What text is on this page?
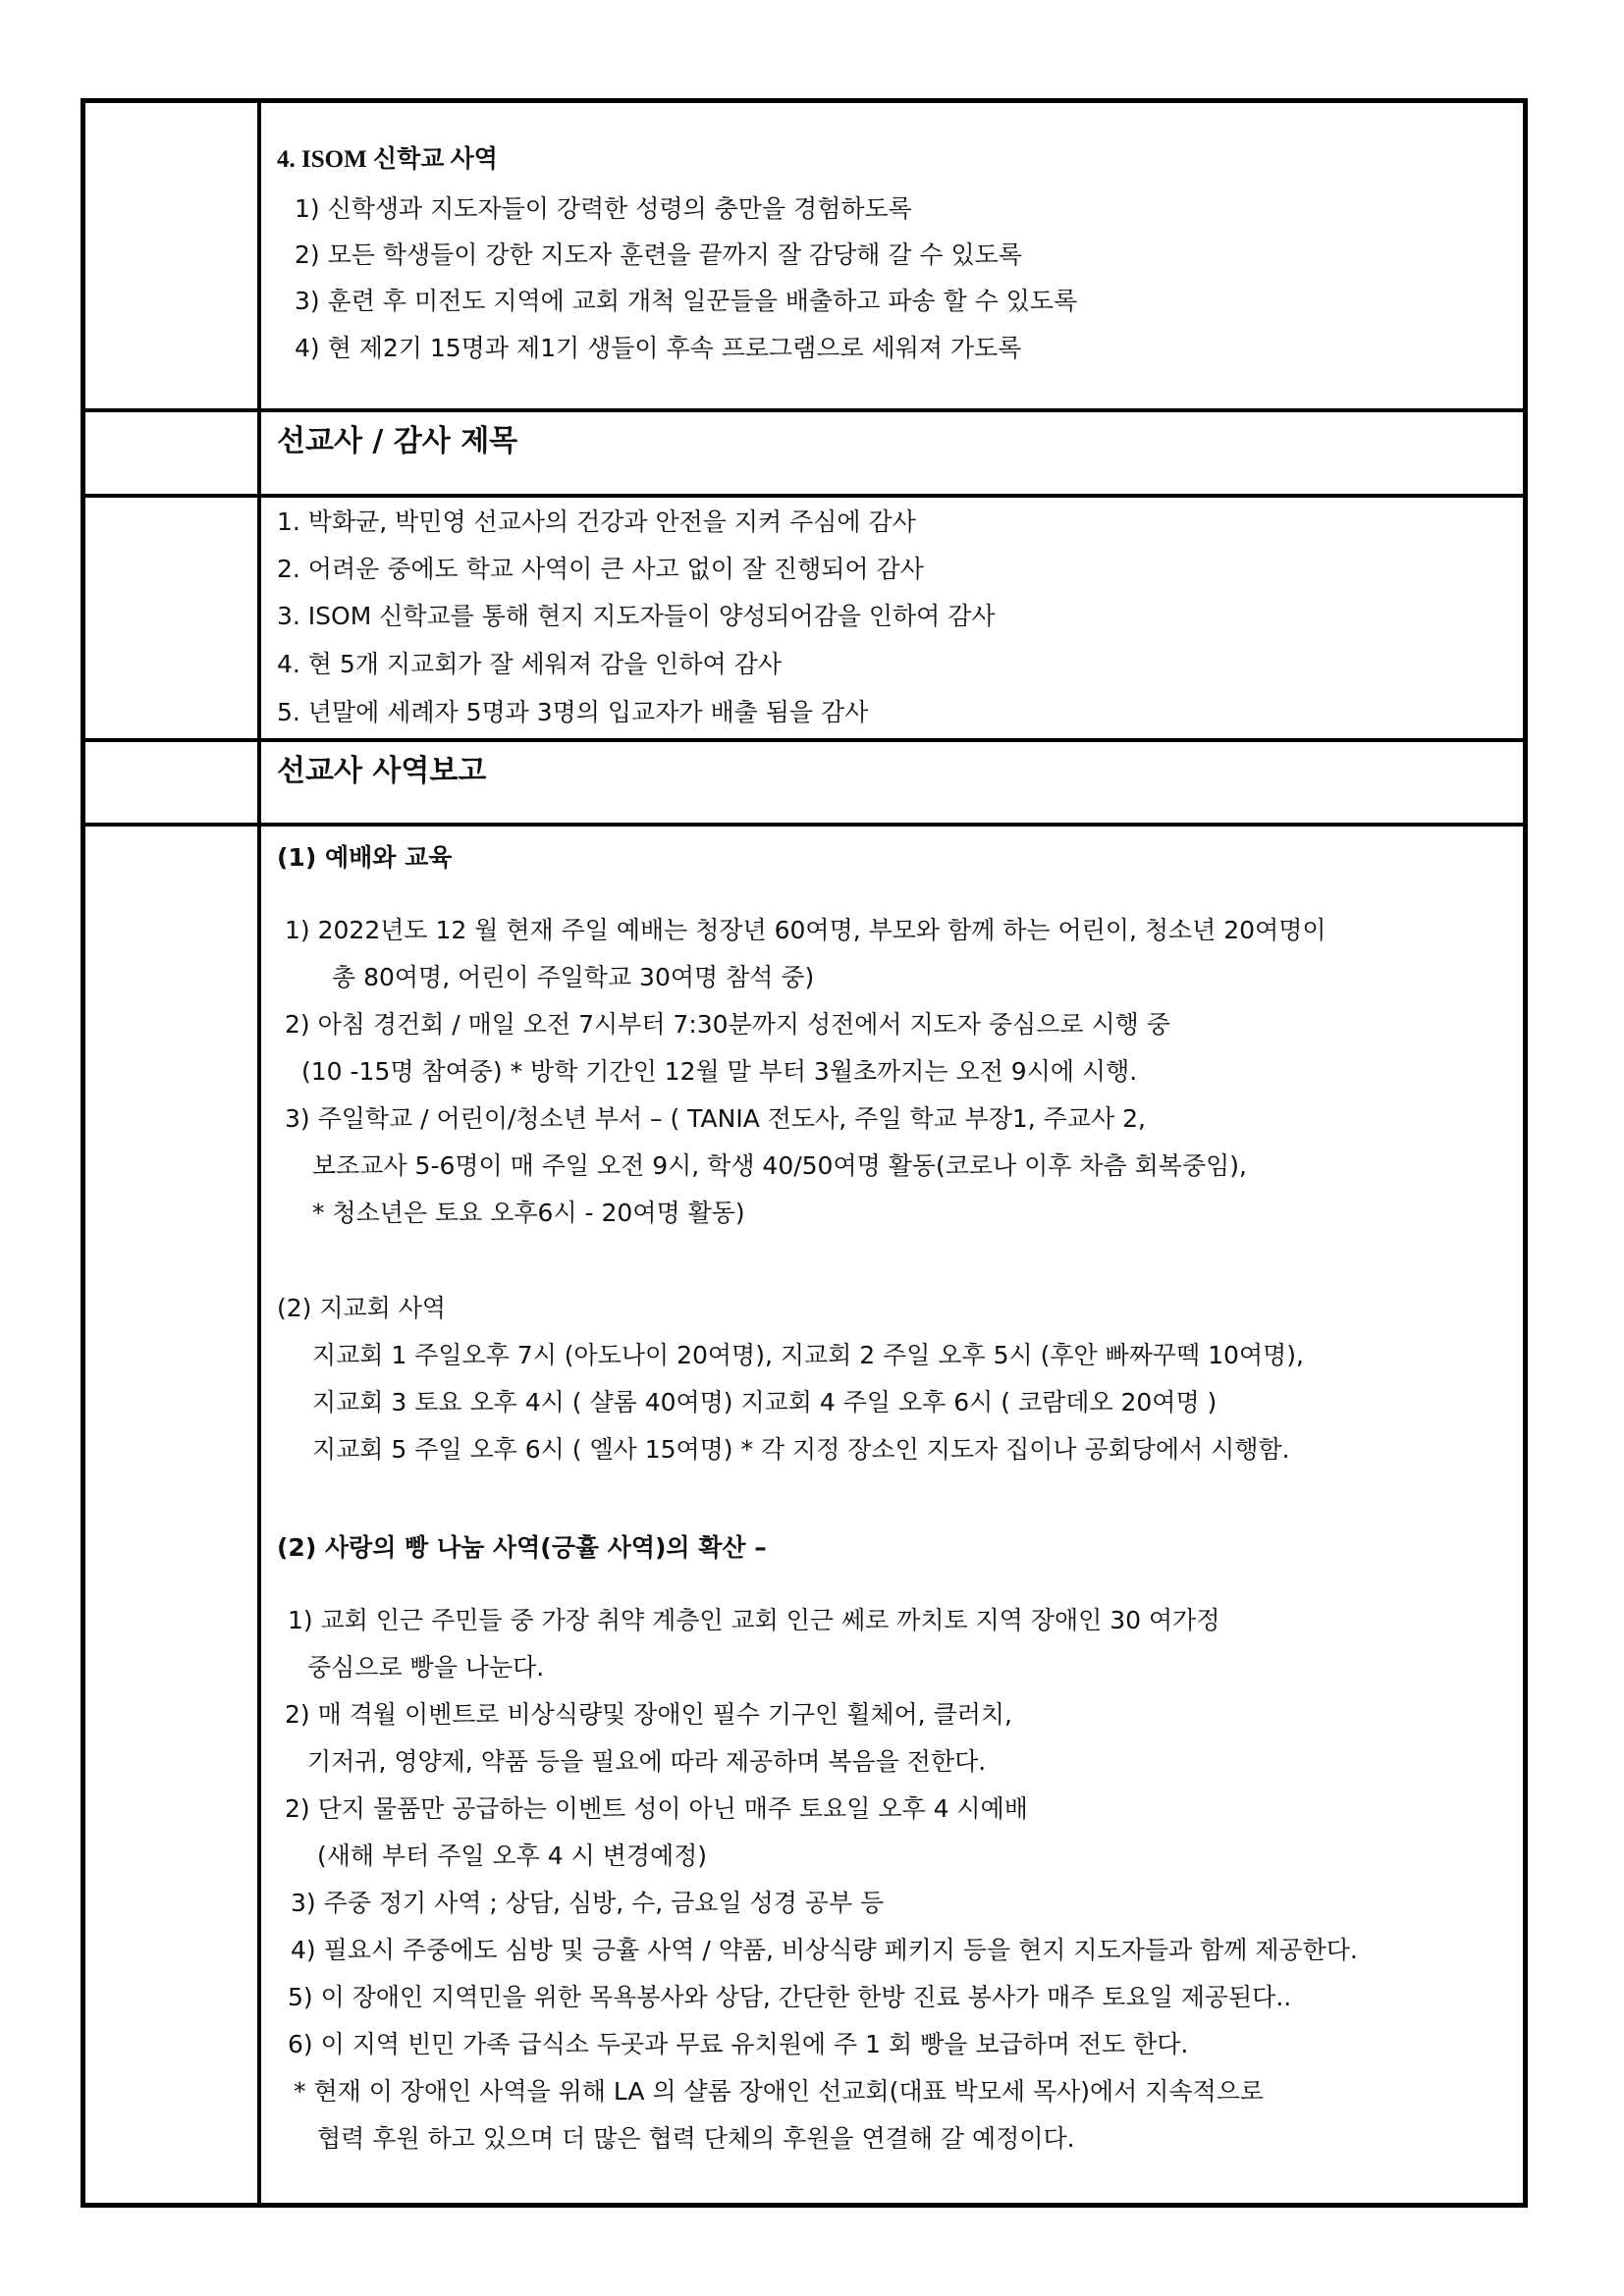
4. ISOM 신학교 사역
1) 신학생과 지도자들이 강력한 성령의 충만을 경험하도록
2) 모든 학생들이 강한 지도자 훈련을 끝까지 잘 감당해 갈 수 있도록
3) 훈련 후 미전도 지역에 교회 개척 일꾼들을 배출하고 파송 할 수 있도록
4) 현 제2기 15명과 제1기 생들이 후속 프로그램으로 세워져 가도록
선교사 / 감사 제목
1. 박화균, 박민영 선교사의 건강과 안전을 지켜 주심에 감사
2. 어려운 중에도 학교 사역이 큰 사고 없이 잘 진행되어 감사
3. ISOM 신학교를 통해 현지 지도자들이 양성되어감을 인하여 감사
4. 현 5개 지교회가 잘 세워져 감을 인하여 감사
5. 년말에 세례자 5명과 3명의 입교자가 배출 됨을 감사
선교사 사역보고
(1) 예배와 교육
1) 2022년도 12 월 현재 주일 예배는 청장년 60여명, 부모와 함께 하는 어린이, 청소년 20여명이
총 80여명, 어린이 주일학교 30여명 참석 중)
2) 아침 경건회 / 매일 오전 7시부터 7:30분까지 성전에서 지도자 중심으로 시행 중
(10 -15명 참여중) * 방학 기간인 12월 말 부터 3월초까지는 오전 9시에 시행.
3) 주일학교 / 어린이/청소년 부서 – ( TANIA 전도사, 주일 학교 부장1, 주교사 2,
보조교사 5-6명이 매 주일 오전 9시, 학생 40/50여명 활동(코로나 이후 차츰 회복중임),
* 청소년은 토요 오후6시 - 20여명 활동)
(2) 지교회 사역
지교회 1 주일오후 7시 (아도나이 20여명), 지교회 2 주일 오후 5시 (후안 빠짜꾸떽 10여명),
지교회 3 토요 오후 4시 ( 샬롬 40여명) 지교회 4 주일 오후 6시 ( 코람데오 20여명 )
지교회 5 주일 오후 6시 ( 엘사 15여명) * 각 지정 장소인 지도자 집이나 공회당에서 시행함.
(2) 사랑의 빵 나눔 사역(긍휼 사역)의 확산 –
1) 교회 인근 주민들 중 가장 취약 계층인 교회 인근 쎄로 까치토 지역 장애인 30 여가정
중심으로 빵을 나눈다.
2) 매 격월 이벤트로 비상식량및 장애인 필수 기구인 휠체어, 클러치,
기저귀, 영양제, 약품 등을 필요에 따라 제공하며 복음을 전한다.
2) 단지 물품만 공급하는 이벤트 성이 아닌 매주 토요일 오후 4 시예배
(새해 부터 주일 오후 4 시 변경예정)
3) 주중 정기 사역 ; 상담, 심방, 수, 금요일 성경 공부 등
4) 필요시 주중에도 심방 및 긍휼 사역 / 약품, 비상식량 페키지 등을 현지 지도자들과 함께 제공한다.
5) 이 장애인 지역민을 위한 목욕봉사와 상담, 간단한 한방 진료 봉사가 매주 토요일 제공된다..
6) 이 지역 빈민 가족 급식소 두곳과 무료 유치원에 주 1 회 빵을 보급하며 전도 한다.
* 현재 이 장애인 사역을 위해 LA 의 샬롬 장애인 선교회(대표 박모세 목사)에서 지속적으로
협력 후원 하고 있으며 더 많은 협력 단체의 후원을 연결해 갈 예정이다.
